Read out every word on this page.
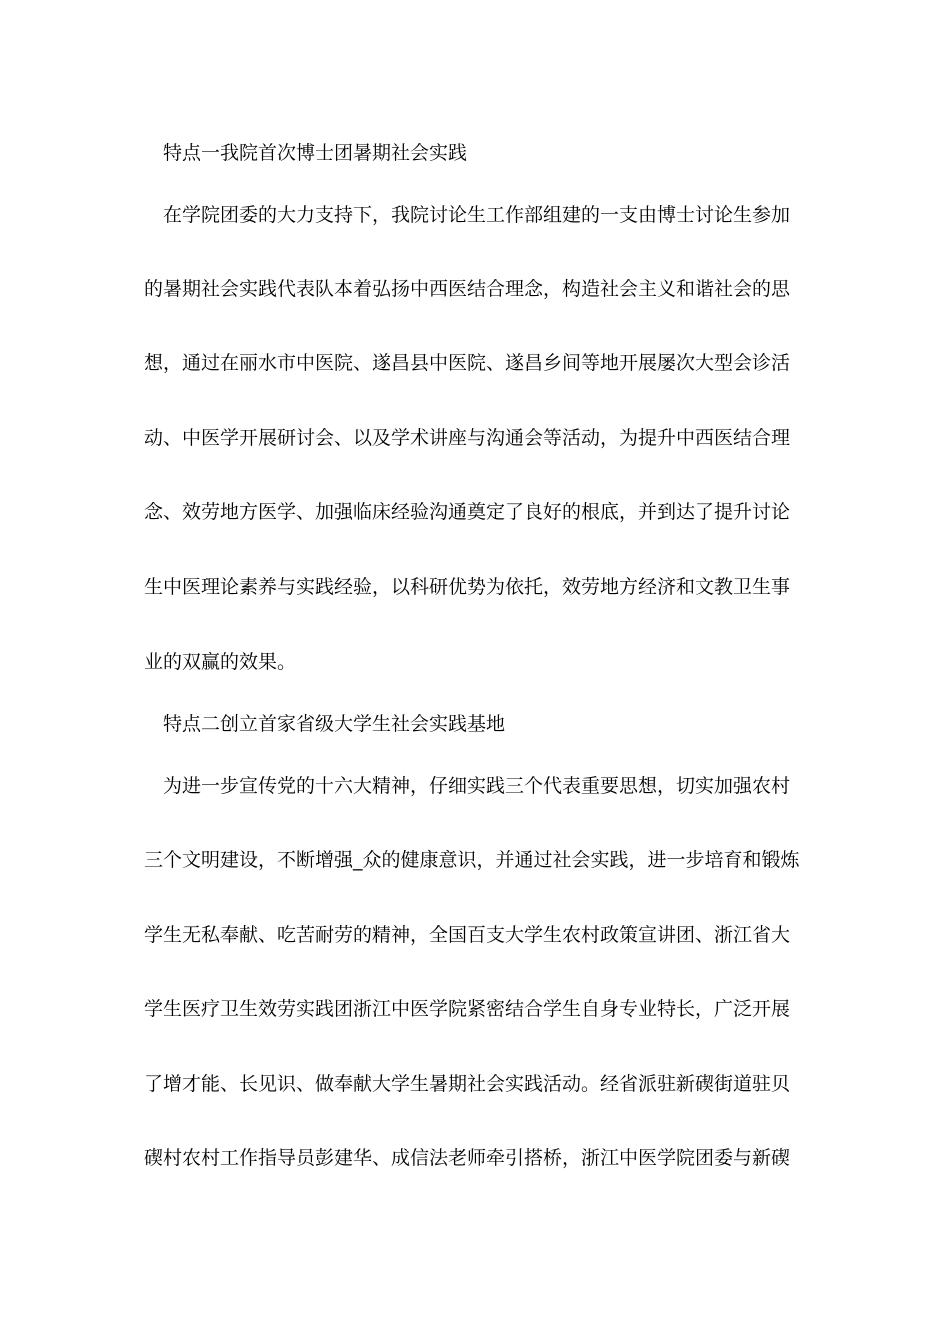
特点一我院首次博士团暑期社会实践
在学院团委的大力支持下，我院讨论生工作部组建的一支由博士讨论生参加
的暑期社会实践代表队本着弘扬中西医结合理念，构造社会主义和谐社会的思
想，通过在丽水市中医院、遂昌县中医院、遂昌乡间等地开展屡次大型会诊活
动、中医学开展研讨会、以及学术讲座与沟通会等活动，为提升中西医结合理
念、效劳地方医学、加强临床经验沟通奠定了良好的根底，并到达了提升讨论
生中医理论素养与实践经验，以科研优势为依托，效劳地方经济和文教卫生事
业的双赢的效果。
特点二创立首家省级大学生社会实践基地
为进一步宣传党的十六大精神，仔细实践三个代表重要思想，切实加强农村
三个文明建设，不断增强_众的健康意识，并通过社会实践，进一步培育和锻炼
学生无私奉献、吃苦耐劳的精神，全国百支大学生农村政策宣讲团、浙江省大
学生医疗卫生效劳实践团浙江中医学院紧密结合学生自身专业特长，广泛开展
了增才能、长见识、做奉献大学生暑期社会实践活动。经省派驻新碶街道驻贝
碶村农村工作指导员彭建华、成信法老师牵引搭桥，浙江中医学院团委与新碶
